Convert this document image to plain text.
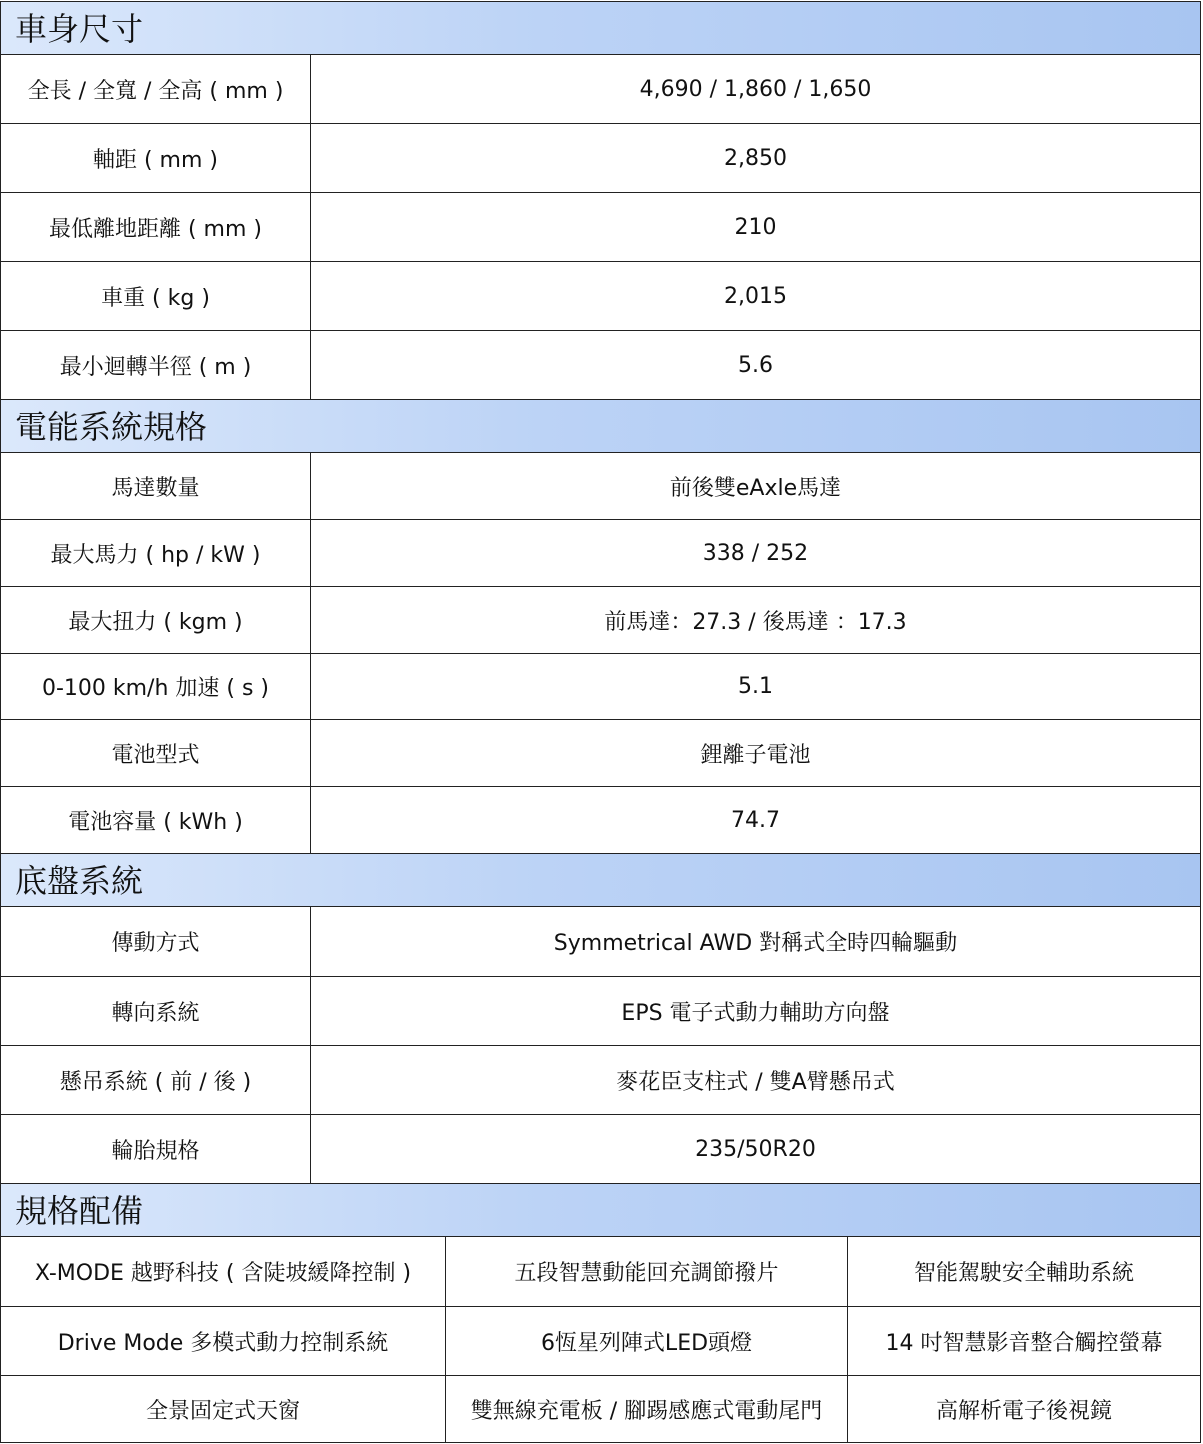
車身尺寸
全長 / 全寬 / 全高 ( mm )	4,690 / 1,860 / 1,650
軸距 ( mm )	2,850
最低離地距離 ( mm )	210
車重 ( kg )	2,015
最小迴轉半徑 ( m )	5.6
電能系統規格
馬達數量	前後雙eAxle馬達
最大馬力 ( hp / kW )	338 / 252
最大扭力 ( kgm )	前馬達：27.3 / 後馬達 ：17.3
0-100 km/h 加速 ( s )	5.1
電池型式	鋰離子電池
電池容量 ( kWh )	74.7
底盤系統
傳動方式	Symmetrical AWD 對稱式全時四輪驅動
轉向系統	EPS 電子式動力輔助方向盤
懸吊系統 ( 前 / 後 )	麥花臣支柱式 / 雙A臂懸吊式
輪胎規格	235/50R20
規格配備
X-MODE 越野科技 ( 含陡坡緩降控制 )	五段智慧動能回充調節撥片	智能駕駛安全輔助系統
Drive Mode 多模式動力控制系統	6恆星列陣式LED頭燈	14 吋智慧影音整合觸控螢幕
全景固定式天窗	雙無線充電板 / 腳踢感應式電動尾門	高解析電子後視鏡
